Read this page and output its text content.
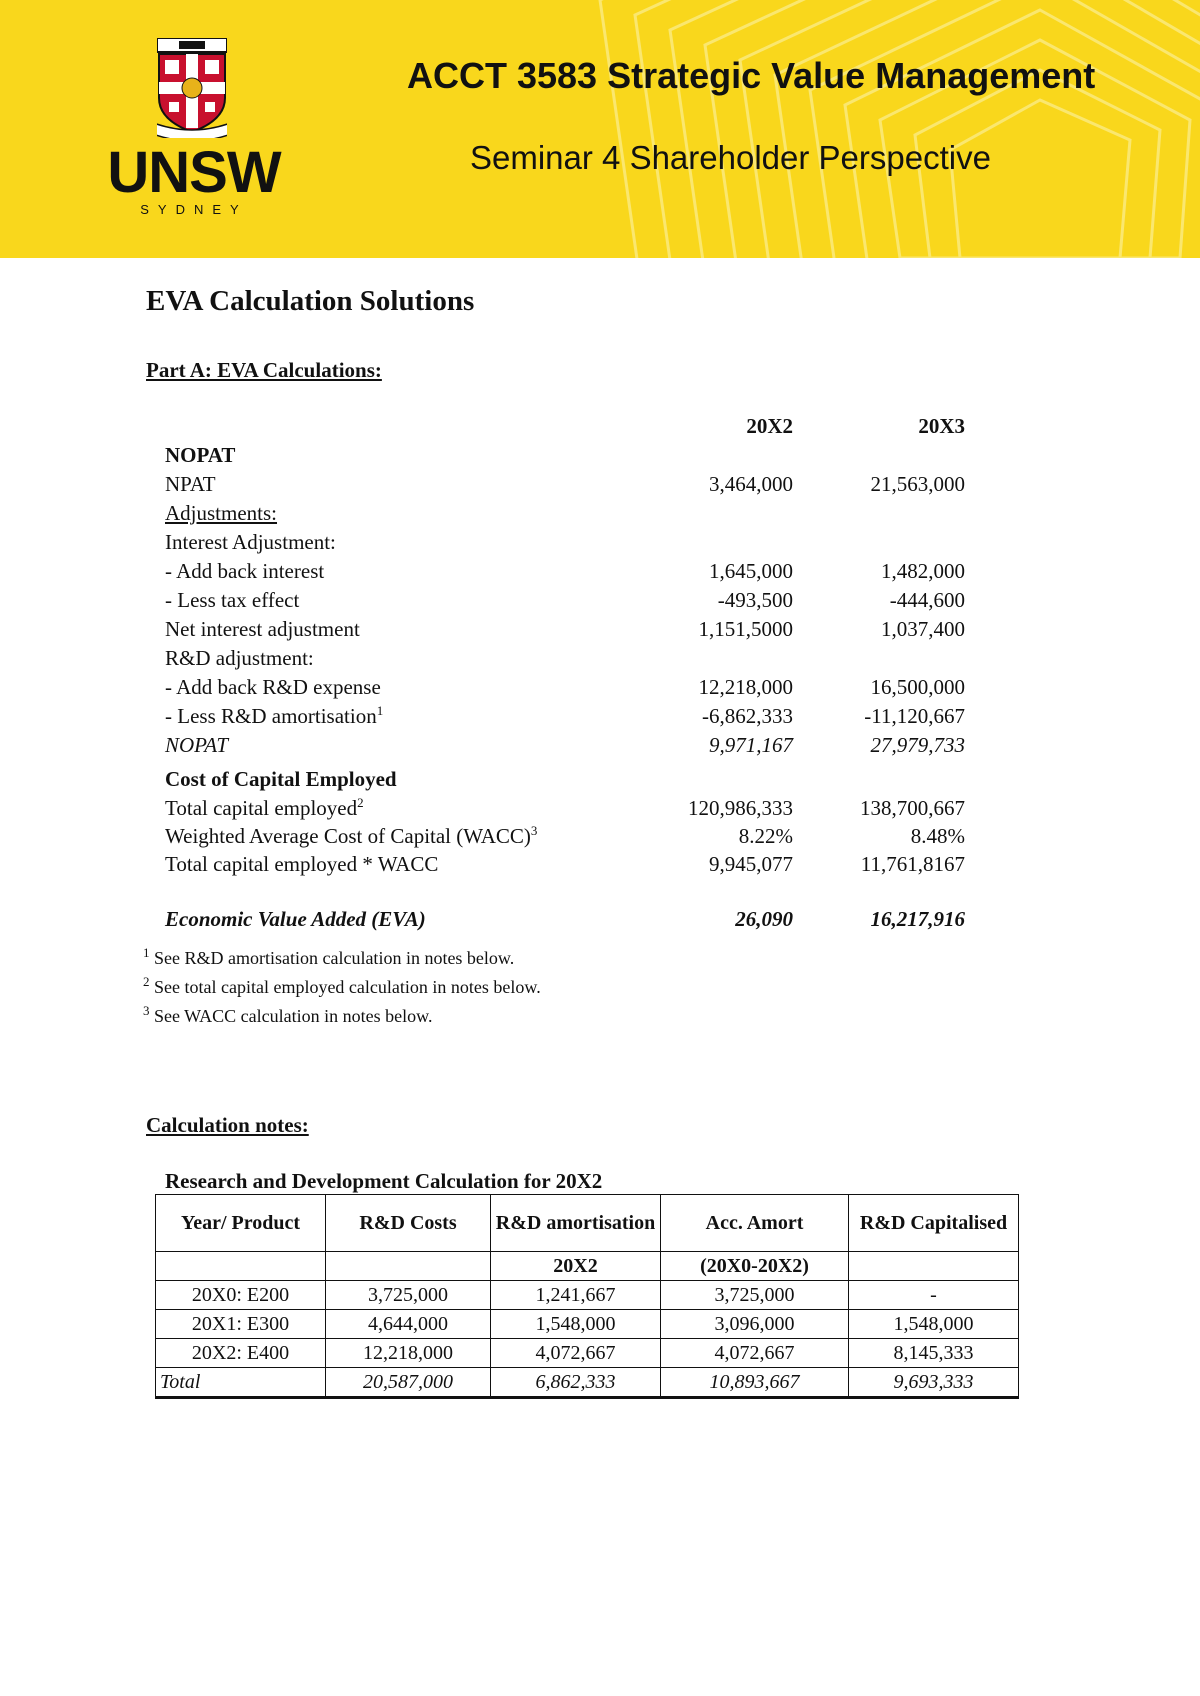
UNSW
SYDNEY
ACCT 3583 Strategic Value Management
Seminar 4 Shareholder Perspective
EVA Calculation Solutions
Part A: EVA Calculations:
20X2	20X3
NOPAT
NPAT	3,464,000	21,563,000
Adjustments:
Interest Adjustment:
- Add back interest	1,645,000	1,482,000
- Less tax effect	-493,500	-444,600
Net interest adjustment	1,151,5000	1,037,400
R&D adjustment:
- Add back R&D expense	12,218,000	16,500,000
- Less R&D amortisation$^1$	-6,862,333	-11,120,667
NOPAT	9,971,167	27,979,733
Cost of Capital Employed
Total capital employed$^2$	120,986,333	138,700,667
Weighted Average Cost of Capital (WACC)$^3$	8.22%	8.48%
Total capital employed * WACC	9,945,077	11,761,8167
Economic Value Added (EVA)	26,090	16,217,916
$^1$ See R&D amortisation calculation in notes below.
$^2$ See total capital employed calculation in notes below.
$^3$ See WACC calculation in notes below.
Calculation notes:
Research and Development Calculation for 20X2
Year/ Product	R&D Costs	R&D amortisation	Acc. Amort	R&D Capitalised
		20X2	(20X0-20X2)	
20X0: E200	3,725,000	1,241,667	3,725,000	-
20X1: E300	4,644,000	1,548,000	3,096,000	1,548,000
20X2: E400	12,218,000	4,072,667	4,072,667	8,145,333
Total	20,587,000	6,862,333	10,893,667	9,693,333
